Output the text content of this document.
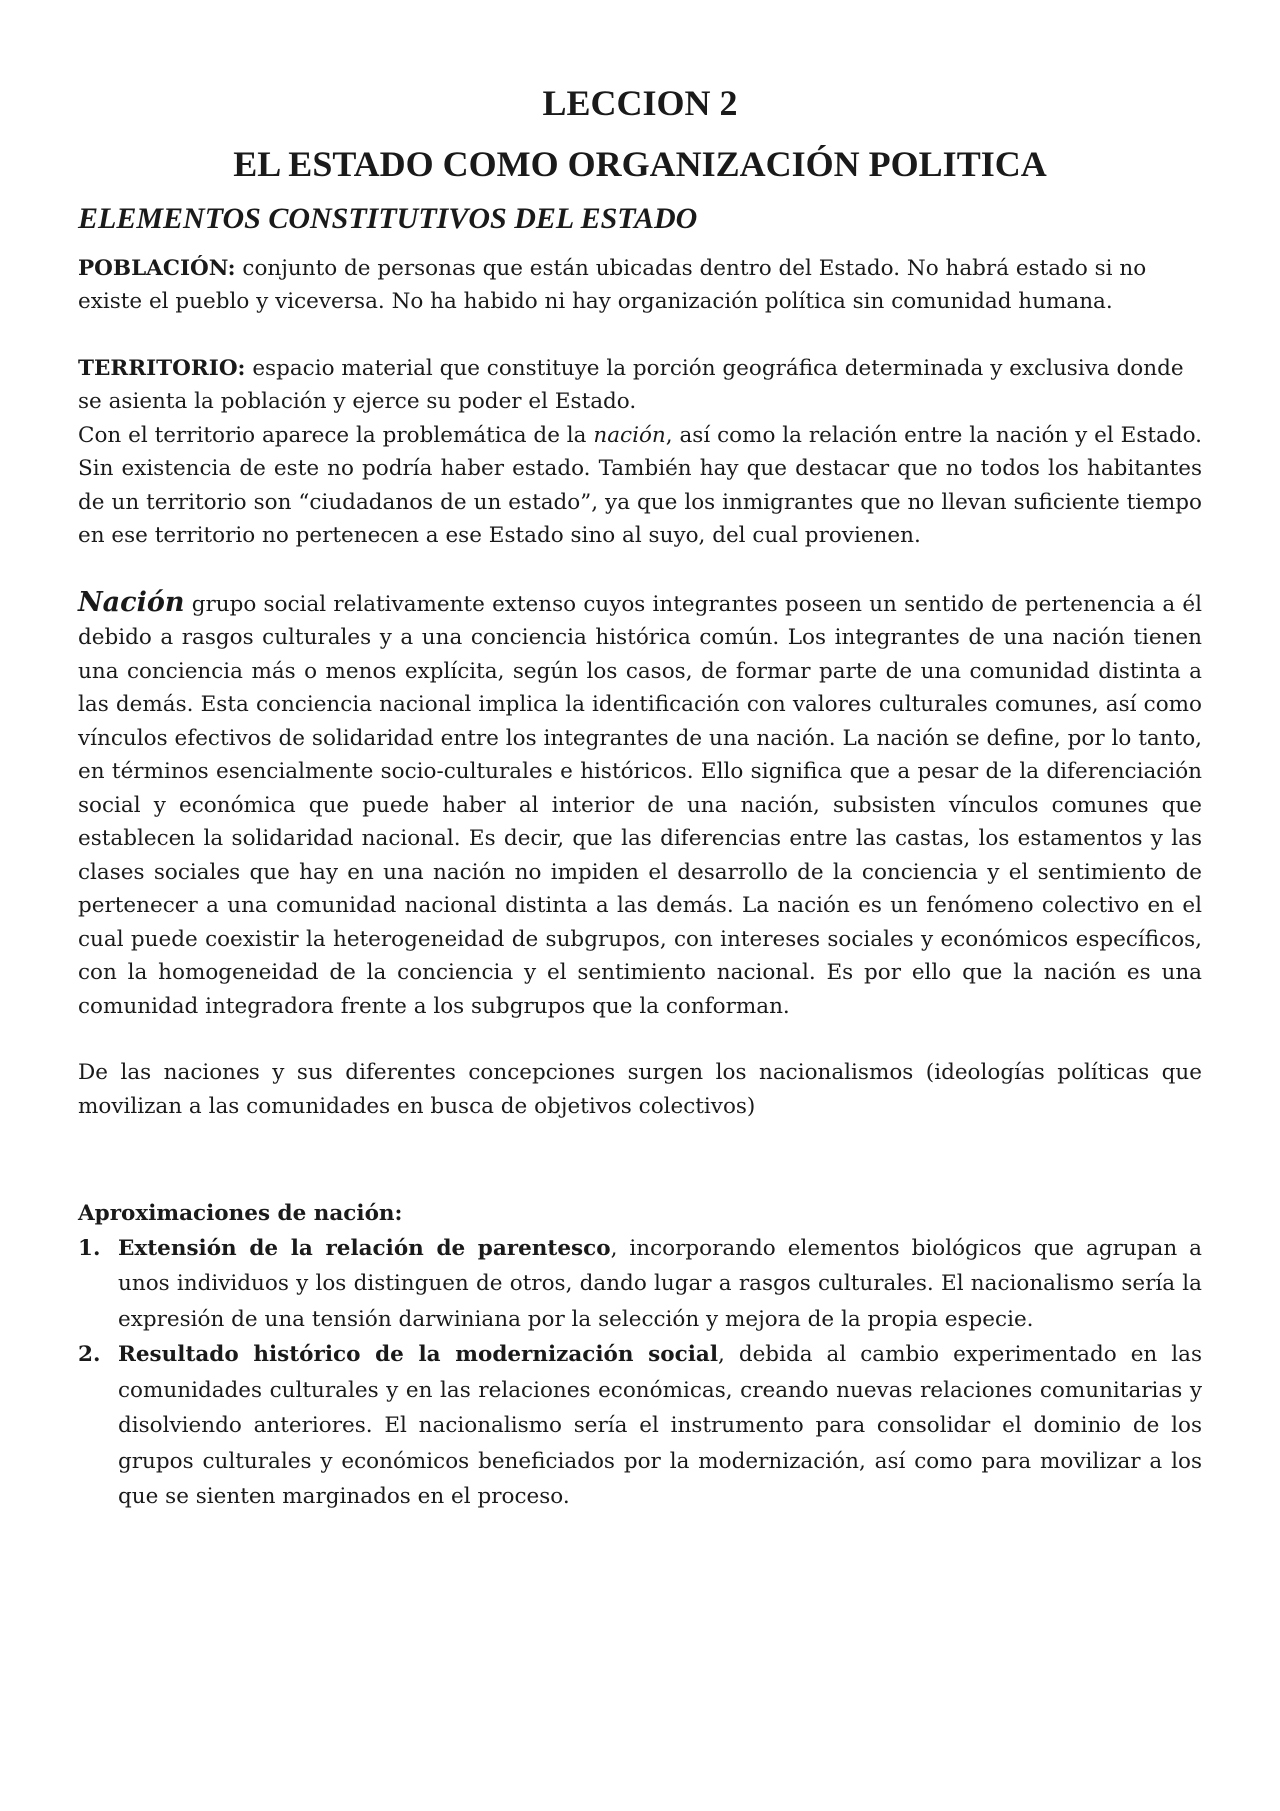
LECCION 2
EL ESTADO COMO ORGANIZACIÓN POLITICA
ELEMENTOS CONSTITUTIVOS DEL ESTADO

POBLACIÓN: conjunto de personas que están ubicadas dentro del Estado. No habrá estado si no existe el pueblo y viceversa. No ha habido ni hay organización política sin comunidad humana.

TERRITORIO: espacio material que constituye la porción geográfica determinada y exclusiva donde se asienta la población y ejerce su poder el Estado.

Con el territorio aparece la problemática de la nación, así como la relación entre la nación y el Estado. Sin existencia de este no podría haber estado. También hay que destacar que no todos los habitantes de un territorio son “ciudadanos de un estado”, ya que los inmigrantes que no llevan suficiente tiempo en ese territorio no pertenecen a ese Estado sino al suyo, del cual provienen.

Nación grupo social relativamente extenso cuyos integrantes poseen un sentido de pertenencia a él debido a rasgos culturales y a una conciencia histórica común. Los integrantes de una nación tienen una conciencia más o menos explícita, según los casos, de formar parte de una comunidad distinta a las demás. Esta conciencia nacional implica la identificación con valores culturales comunes, así como vínculos efectivos de solidaridad entre los integrantes de una nación. La nación se define, por lo tanto, en términos esencialmente socio-culturales e históricos. Ello significa que a pesar de la diferenciación social y económica que puede haber al interior de una nación, subsisten vínculos comunes que establecen la solidaridad nacional. Es decir, que las diferencias entre las castas, los estamentos y las clases sociales que hay en una nación no impiden el desarrollo de la conciencia y el sentimiento de pertenecer a una comunidad nacional distinta a las demás. La nación es un fenómeno colectivo en el cual puede coexistir la heterogeneidad de subgrupos, con intereses sociales y económicos específicos, con la homogeneidad de la conciencia y el sentimiento nacional. Es por ello que la nación es una comunidad integradora frente a los subgrupos que la conforman.

De las naciones y sus diferentes concepciones surgen los nacionalismos (ideologías políticas que movilizan a las comunidades en busca de objetivos colectivos)

Aproximaciones de nación:
1. Extensión de la relación de parentesco, incorporando elementos biológicos que agrupan a unos individuos y los distinguen de otros, dando lugar a rasgos culturales. El nacionalismo sería la expresión de una tensión darwiniana por la selección y mejora de la propia especie.
2. Resultado histórico de la modernización social, debida al cambio experimentado en las comunidades culturales y en las relaciones económicas, creando nuevas relaciones comunitarias y disolviendo anteriores. El nacionalismo sería el instrumento para consolidar el dominio de los grupos culturales y económicos beneficiados por la modernización, así como para movilizar a los que se sienten marginados en el proceso.
